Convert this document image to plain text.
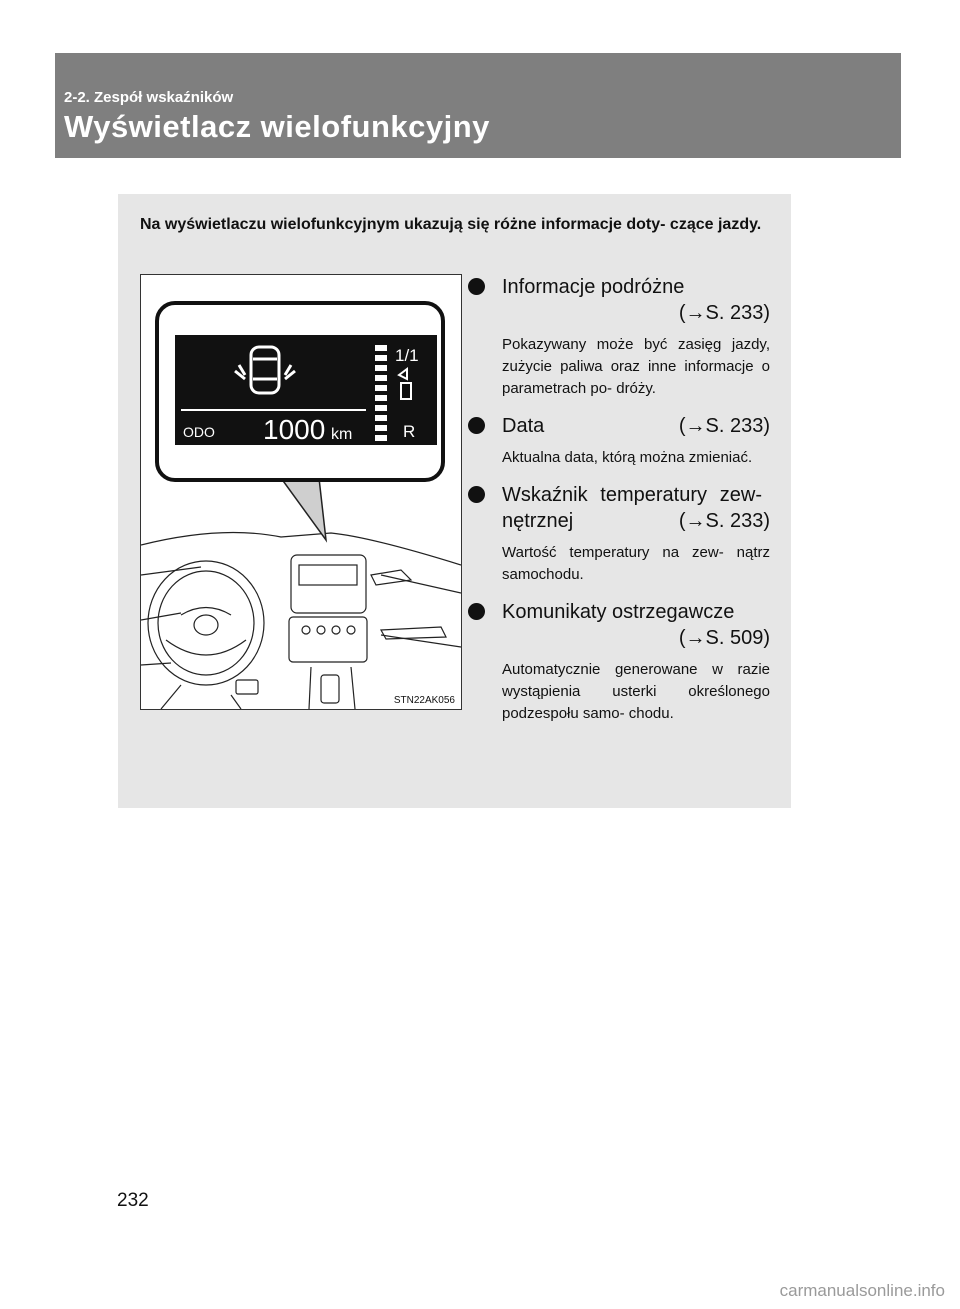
2-2. Zespół wskaźników
Wyświetlacz wielofunkcyjny
Na wyświetlaczu wielofunkcyjnym ukazują się różne informacje doty- czące jazdy.
1/1
R
ODO 1000 km
STN22AK056
Informacje podróżne
(→S. 233)
Pokazywany może być zasięg jazdy, zużycie paliwa oraz inne informacje o parametrach po- dróży.
(→S. 233)
Data
Aktualna data, którą można zmieniać.
Wskaźnik temperatury zew- nętrznej	(→S. 233)
Wartość temperatury na zew- nątrz samochodu.
Komunikaty ostrzegawcze
(→S. 509)
Automatycznie generowane w razie wystąpienia usterki określonego podzespołu samo- chodu.
232
carmanualsonline.info
